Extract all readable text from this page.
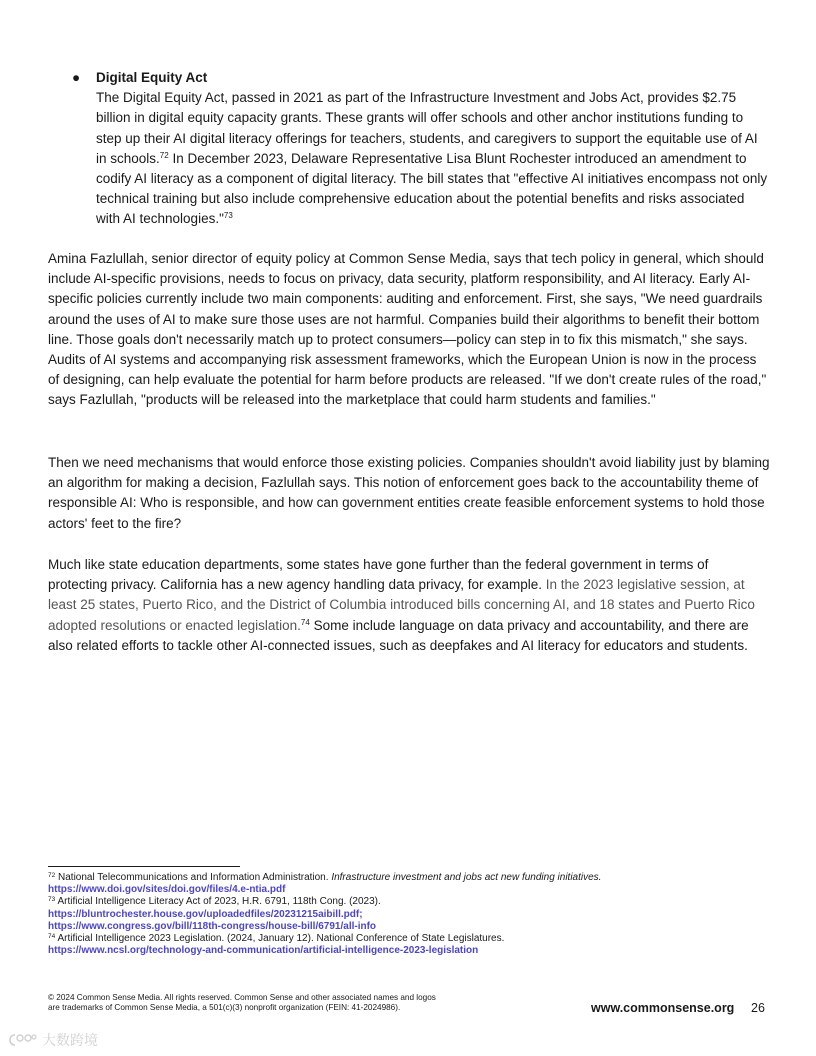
● Digital Equity Act
The Digital Equity Act, passed in 2021 as part of the Infrastructure Investment and Jobs Act, provides $2.75 billion in digital equity capacity grants. These grants will offer schools and other anchor institutions funding to step up their AI digital literacy offerings for teachers, students, and caregivers to support the equitable use of AI in schools.$^{72}$ In December 2023, Delaware Representative Lisa Blunt Rochester introduced an amendment to codify AI literacy as a component of digital literacy. The bill states that "effective AI initiatives encompass not only technical training but also include comprehensive education about the potential benefits and risks associated with AI technologies."$^{73}$

Amina Fazlullah, senior director of equity policy at Common Sense Media, says that tech policy in general, which should include AI-specific provisions, needs to focus on privacy, data security, platform responsibility, and AI literacy. Early AI-specific policies currently include two main components: auditing and enforcement. First, she says, "We need guardrails around the uses of AI to make sure those uses are not harmful. Companies build their algorithms to benefit their bottom line. Those goals don't necessarily match up to protect consumers—policy can step in to fix this mismatch," she says. Audits of AI systems and accompanying risk assessment frameworks, which the European Union is now in the process of designing, can help evaluate the potential for harm before products are released. "If we don't create rules of the road," says Fazlullah, "products will be released into the marketplace that could harm students and families."

Then we need mechanisms that would enforce those existing policies. Companies shouldn't avoid liability just by blaming an algorithm for making a decision, Fazlullah says. This notion of enforcement goes back to the accountability theme of responsible AI: Who is responsible, and how can government entities create feasible enforcement systems to hold those actors' feet to the fire?

Much like state education departments, some states have gone further than the federal government in terms of protecting privacy. California has a new agency handling data privacy, for example. In the 2023 legislative session, at least 25 states, Puerto Rico, and the District of Columbia introduced bills concerning AI, and 18 states and Puerto Rico adopted resolutions or enacted legislation.$^{74}$ Some include language on data privacy and accountability, and there are also related efforts to tackle other AI-connected issues, such as deepfakes and AI literacy for educators and students.

$^{72}$ National Telecommunications and Information Administration. Infrastructure investment and jobs act new funding initiatives.
https://www.doi.gov/sites/doi.gov/files/4.e-ntia.pdf
$^{73}$ Artificial Intelligence Literacy Act of 2023, H.R. 6791, 118th Cong. (2023).
https://bluntrochester.house.gov/uploadedfiles/20231215aibill.pdf;
https://www.congress.gov/bill/118th-congress/house-bill/6791/all-info
$^{74}$ Artificial Intelligence 2023 Legislation. (2024, January 12). National Conference of State Legislatures.
https://www.ncsl.org/technology-and-communication/artificial-intelligence-2023-legislation
© 2024 Common Sense Media. All rights reserved. Common Sense and other associated names and logos
are trademarks of Common Sense Media, a 501(c)(3) nonprofit organization (FEIN: 41-2024986).	www.commonsense.org 26
大数跨境
